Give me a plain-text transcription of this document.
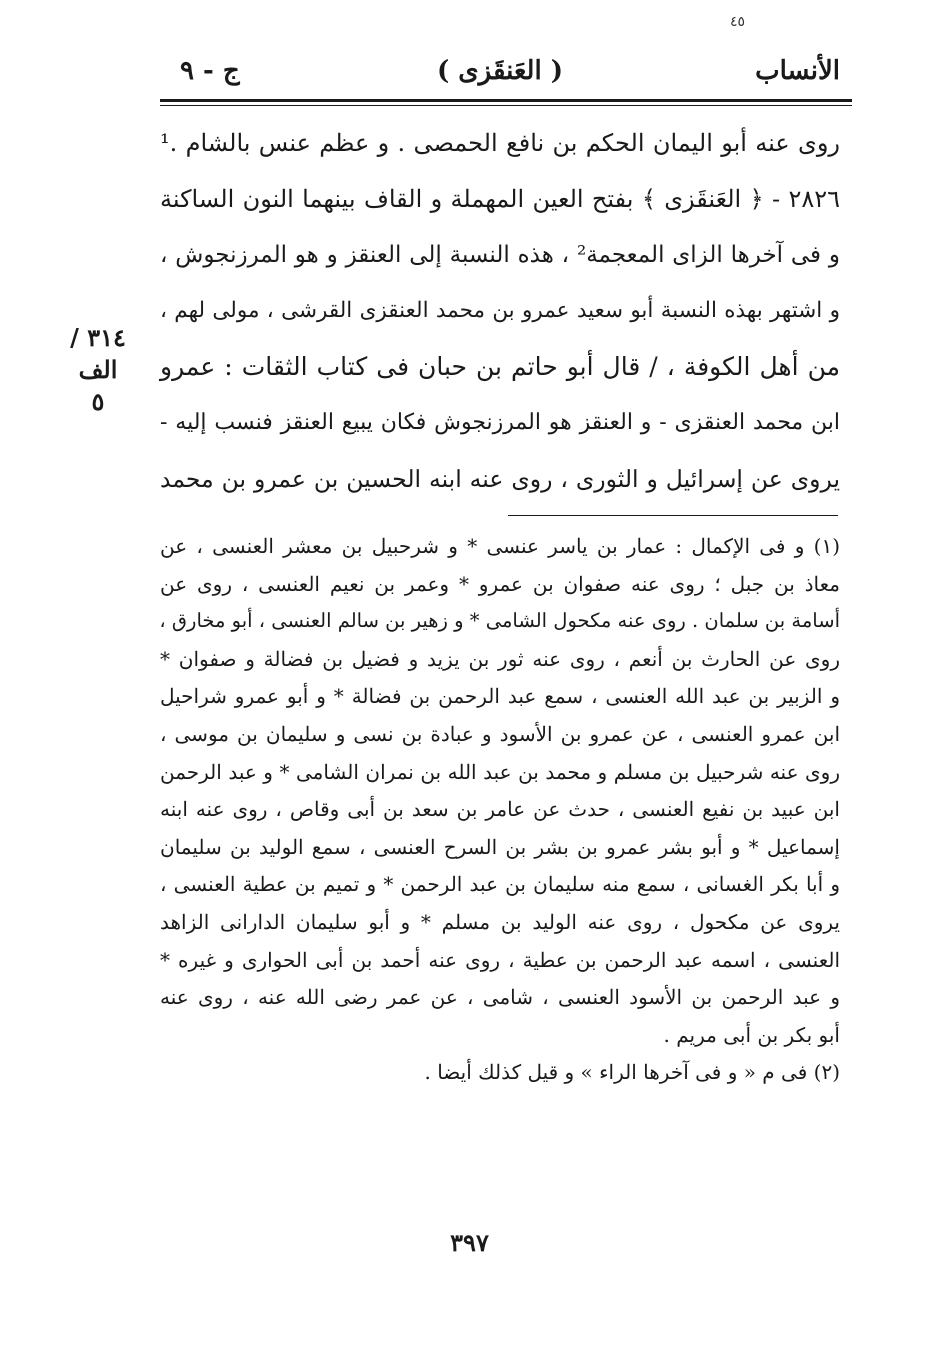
٤٥
الأنساب
( العَنقَزى )
ج - ٩
روى عنه أبو اليمان الحكم بن نافع الحمصى . و عظم عنس بالشام .¹
٢٨٢٦ - ﴿ العَنقَزى ﴾ بفتح العين المهملة و القاف بينهما النون الساكنة
و فى آخرها الزاى المعجمة² ، هذه النسبة إلى العنقز و هو المرزنجوش ،
و اشتهر بهذه النسبة أبو سعيد عمرو بن محمد العنقزى القرشى ، مولى لهم ،
من أهل الكوفة ، / قال أبو حاتم بن حبان فى كتاب الثقات : عمرو
ابن محمد العنقزى - و العنقز هو المرزنجوش فكان يبيع العنقز فنسب إليه -
يروى عن إسرائيل و الثورى ، روى عنه ابنه الحسين بن عمرو بن محمد
٣١٤ / الف
٥
(١) و فى الإكمال : عمار بن ياسر عنسى * و شرحبيل بن معشر العنسى ، عن
معاذ بن جبل ؛ روى عنه صفوان بن عمرو * وعمر بن نعيم العنسى ، روى عن
أسامة بن سلمان . روى عنه مكحول الشامى * و زهير بن سالم العنسى ، أبو مخارق ،
روى عن الحارث بن أنعم ، روى عنه ثور بن يزيد و فضيل بن فضالة و صفوان *
و الزبير بن عبد الله العنسى ، سمع عبد الرحمن بن فضالة * و أبو عمرو شراحيل
ابن عمرو العنسى ، عن عمرو بن الأسود و عبادة بن نسى و سليمان بن موسى ،
روى عنه شرحبيل بن مسلم و محمد بن عبد الله بن نمران الشامى * و عبد الرحمن
ابن عبيد بن نفيع العنسى ، حدث عن عامر بن سعد بن أبى وقاص ، روى عنه ابنه
إسماعيل * و أبو بشر عمرو بن بشر بن السرح العنسى ، سمع الوليد بن سليمان
و أبا بكر الغسانى ، سمع منه سليمان بن عبد الرحمن * و تميم بن عطية العنسى ،
يروى عن مكحول ، روى عنه الوليد بن مسلم * و أبو سليمان الدارانى الزاهد
العنسى ، اسمه عبد الرحمن بن عطية ، روى عنه أحمد بن أبى الحوارى و غيره *
و عبد الرحمن بن الأسود العنسى ، شامى ، عن عمر رضى الله عنه ، روى عنه
أبو بكر بن أبى مريم .
(٢) فى م « و فى آخرها الراء » و قيل كذلك أيضا .
٣٩٧
